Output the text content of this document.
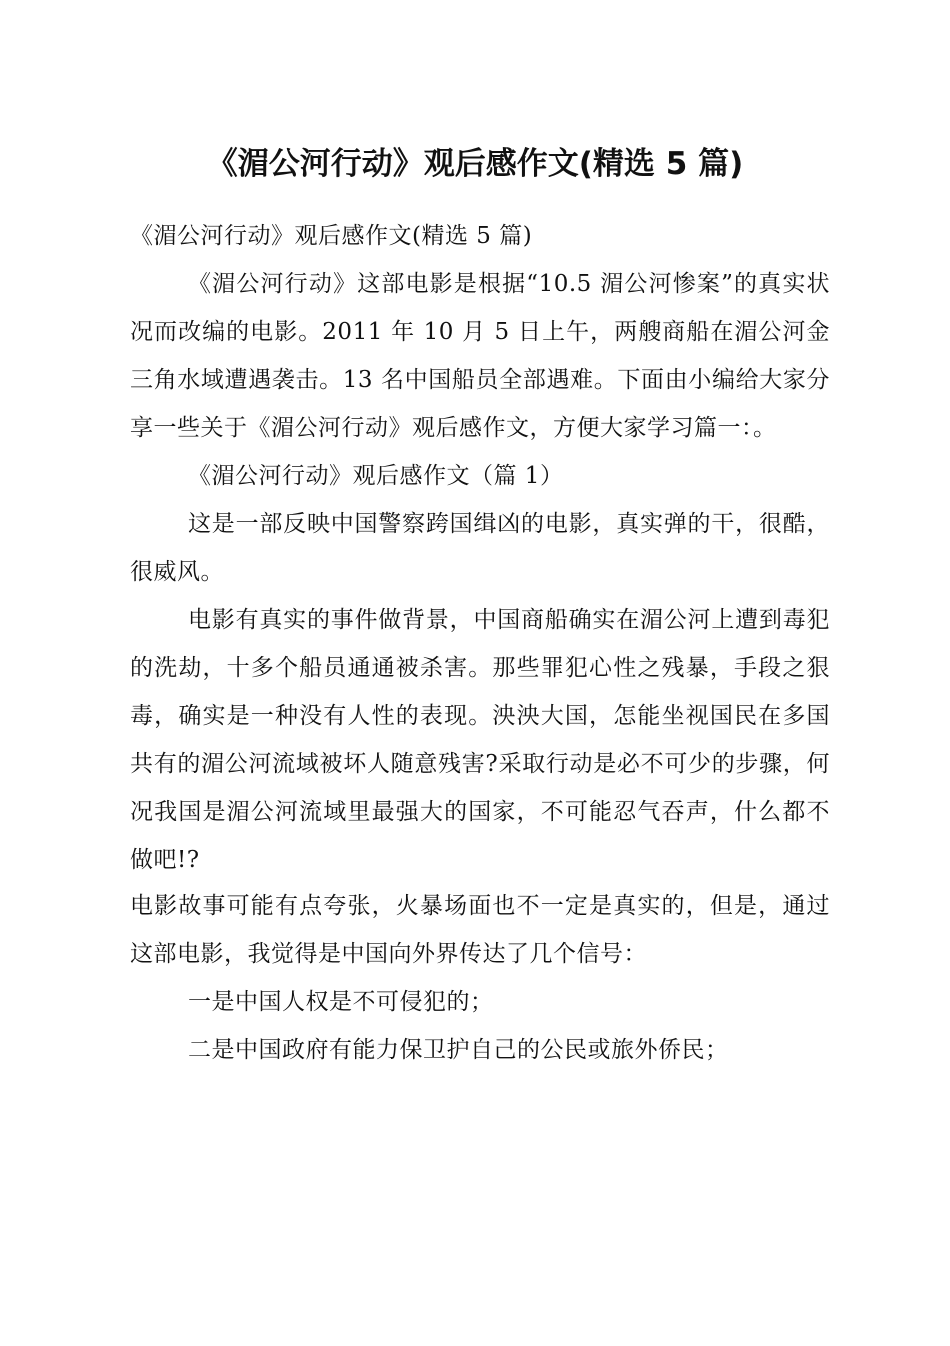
《湄公河行动》观后感作文(精选 5 篇)

《湄公河行动》观后感作文(精选 5 篇)

《湄公河行动》这部电影是根据“10.5 湄公河惨案”的真实状况而改编的电影。2011 年 10 月 5 日上午，两艘商船在湄公河金三角水域遭遇袭击。13 名中国船员全部遇难。下面由小编给大家分享一些关于《湄公河行动》观后感作文，方便大家学习篇一：。

《湄公河行动》观后感作文（篇 1）

这是一部反映中国警察跨国缉凶的电影，真实弹的干，很酷，很威风。

电影有真实的事件做背景，中国商船确实在湄公河上遭到毒犯的洗劫，十多个船员通通被杀害。那些罪犯心性之残暴，手段之狠毒，确实是一种没有人性的表现。泱泱大国，怎能坐视国民在多国共有的湄公河流域被坏人随意残害?采取行动是必不可少的步骤，何况我国是湄公河流域里最强大的国家，不可能忍气吞声，什么都不做吧!?

电影故事可能有点夸张，火暴场面也不一定是真实的，但是，通过这部电影，我觉得是中国向外界传达了几个信号：

一是中国人权是不可侵犯的；

二是中国政府有能力保卫护自己的公民或旅外侨民；
